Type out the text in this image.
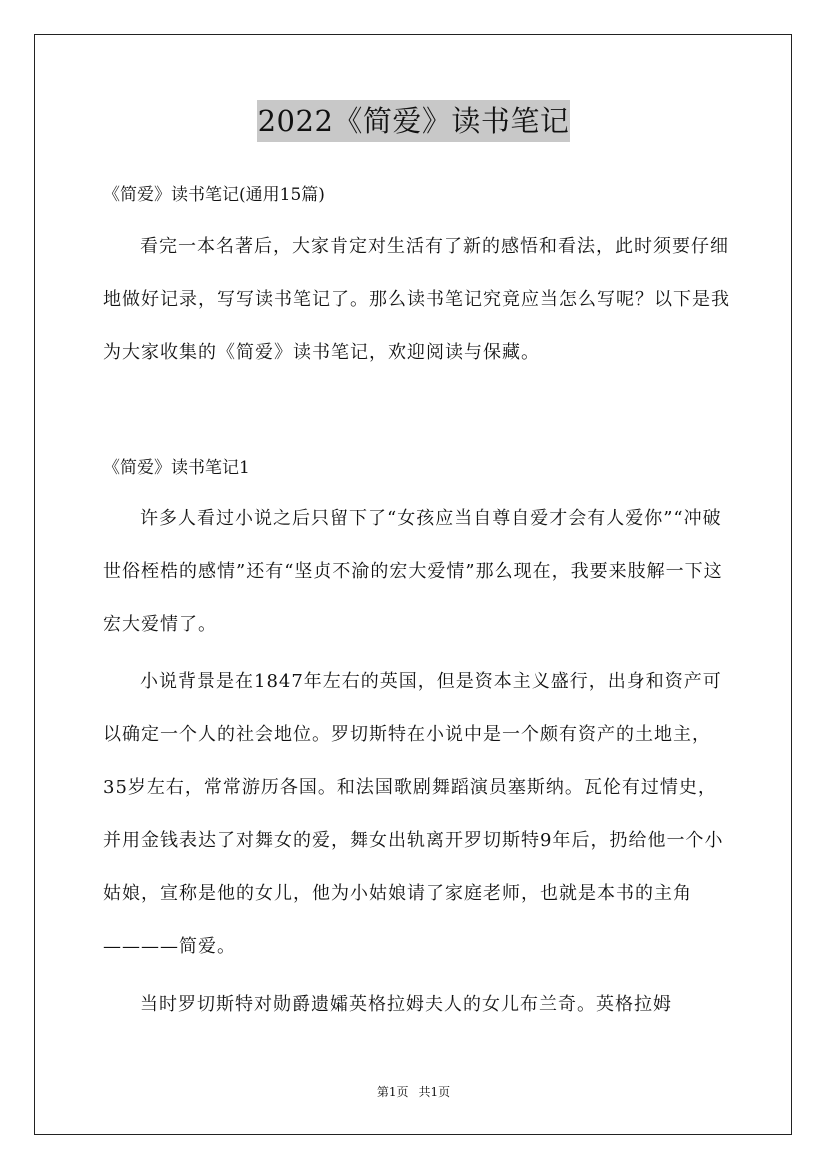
2022《简爱》读书笔记
《简爱》读书笔记(通用15篇)

看完一本名著后，大家肯定对生活有了新的感悟和看法，此时须要仔细地做好记录，写写读书笔记了。那么读书笔记究竟应当怎么写呢？以下是我为大家收集的《简爱》读书笔记，欢迎阅读与保藏。

《简爱》读书笔记1

许多人看过小说之后只留下了“女孩应当自尊自爱才会有人爱你”“冲破世俗桎梏的感情”还有“坚贞不渝的宏大爱情”那么现在，我要来肢解一下这宏大爱情了。

小说背景是在1847年左右的英国，但是资本主义盛行，出身和资产可以确定一个人的社会地位。罗切斯特在小说中是一个颇有资产的土地主，35岁左右，常常游历各国。和法国歌剧舞蹈演员塞斯纳。瓦伦有过情史，并用金钱表达了对舞女的爱，舞女出轨离开罗切斯特9年后，扔给他一个小姑娘，宣称是他的女儿，他为小姑娘请了家庭老师，也就是本书的主角————简爱。

当时罗切斯特对勋爵遗孀英格拉姆夫人的女儿布兰奇。英格拉姆

第1页 共1页
